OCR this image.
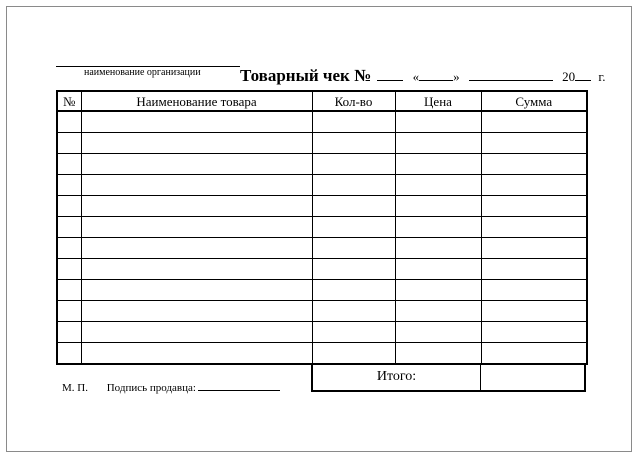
наименование организации Товарный чек №	«	»	20 г.
№	Наименование товара	Кол-во	Цена	Сумма

Итого:
М. П. Подпись продавца:
